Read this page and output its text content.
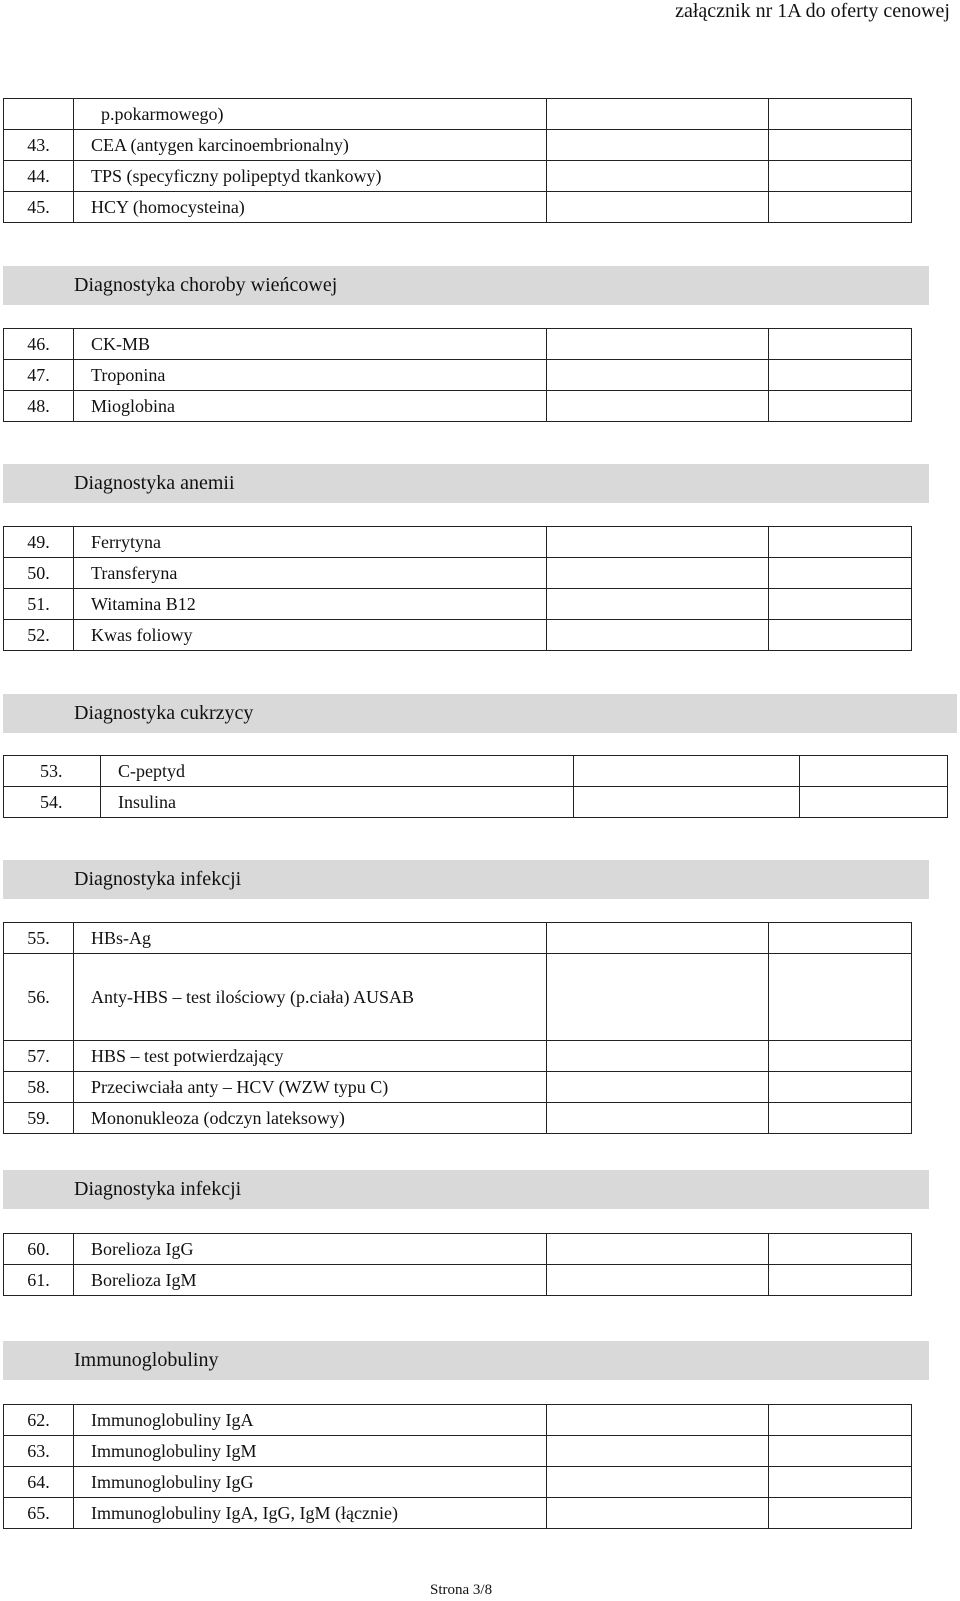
załącznik nr 1A do oferty cenowej
	p.pokarmowego)		
43.	CEA (antygen karcinoembrionalny)		
44.	TPS (specyficzny polipeptyd tkankowy)		
45.	HCY (homocysteina)		
Diagnostyka choroby wieńcowej
46.	CK-MB		
47.	Troponina		
48.	Mioglobina		
Diagnostyka anemii
49.	Ferrytyna		
50.	Transferyna		
51.	Witamina B12		
52.	Kwas foliowy		
Diagnostyka cukrzycy
53.	C-peptyd		
54.	Insulina		
Diagnostyka infekcji
55.	HBs-Ag		
56.	Anty-HBS – test ilościowy (p.ciała) AUSAB		
57.	HBS – test potwierdzający		
58.	Przeciwciała anty – HCV (WZW typu C)		
59.	Mononukleoza (odczyn lateksowy)		
Diagnostyka infekcji
60.	Borelioza IgG		
61.	Borelioza IgM		
Immunoglobuliny
62.	Immunoglobuliny IgA		
63.	Immunoglobuliny IgM		
64.	Immunoglobuliny IgG		
65.	Immunoglobuliny IgA, IgG, IgM (łącznie)		
Strona 3/8
